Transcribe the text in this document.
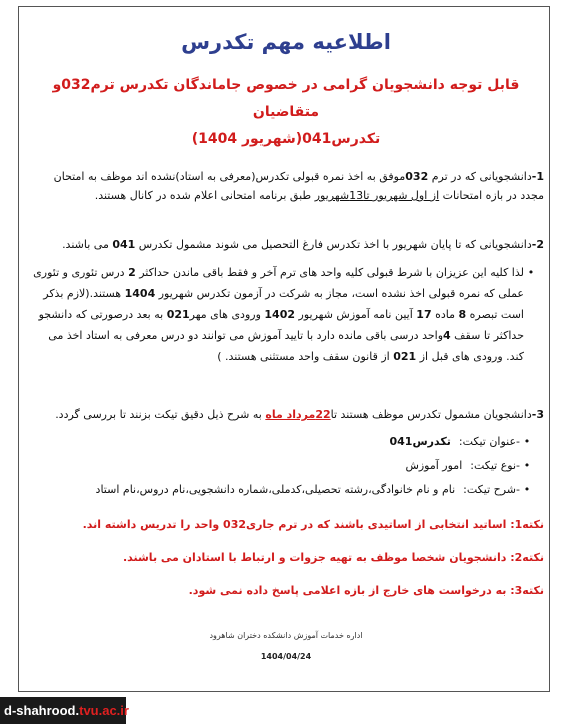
اطلاعیه مهم تکدرس
قابل توجه دانشجویان گرامی در خصوص جاماندگان تکدرس ترم032و متقاضیان
تکدرس041(شهریور 1404)

1-دانشجویانی که در ترم 032موفق به اخذ نمره قبولی تکدرس(معرفی به استاد)نشده اند موظف به امتحان مجدد در بازه امتحانات از اول شهریور تا13شهریور طبق برنامه امتحانی اعلام شده در کانال هستند.

2-دانشجویانی که تا پایان شهریور با اخذ تکدرس فارغ التحصیل می شوند مشمول تکدرس 041 می باشند.

•
لذا کلیه این عزیزان با شرط قبولی کلیه واحد های ترم آخر و فقط باقی ماندن حداکثر 2 درس تئوری و تئوری عملی که نمره قبولی اخذ نشده است، مجاز به شرکت در آزمون تکدرس شهریور 1404 هستند.(لازم بذکر است تبصره 8 ماده 17 آیین نامه آموزش شهریور 1402 ورودی های مهر021 به بعد درصورتی که دانشجو حداکثر تا سقف 4واحد درسی باقی مانده دارد با تایید آموزش می توانند دو درس معرفی به استاد اخذ می کند. ورودی های قبل از 021 از قانون سقف واحد مستثنی هستند. )

3-دانشجویان مشمول تکدرس موظف هستند تا22مرداد ماه به شرح ذیل دقیق تیکت بزنند تا بررسی گردد.

•
-عنوان تیکت:
تکدرس041
•
-نوع تیکت:
امور آموزش
•
-شرح تیکت:
نام و نام خانوادگی،رشته تحصیلی،کدملی،شماره دانشجویی،نام دروس،نام استاد
نکته1: اساتید انتخابی از اساتیدی باشند که در ترم جاری032 واحد را تدریس داشته اند.
نکته2: دانشجویان شخصا موظف به تهیه جزوات و ارتباط با استادان می باشند.
نکته3: به درخواست های خارج از بازه اعلامی پاسخ داده نمی شود.
اداره خدمات آموزش دانشکده دختران شاهرود
1404/04/24
d-shahrood.tvu.ac.ir
